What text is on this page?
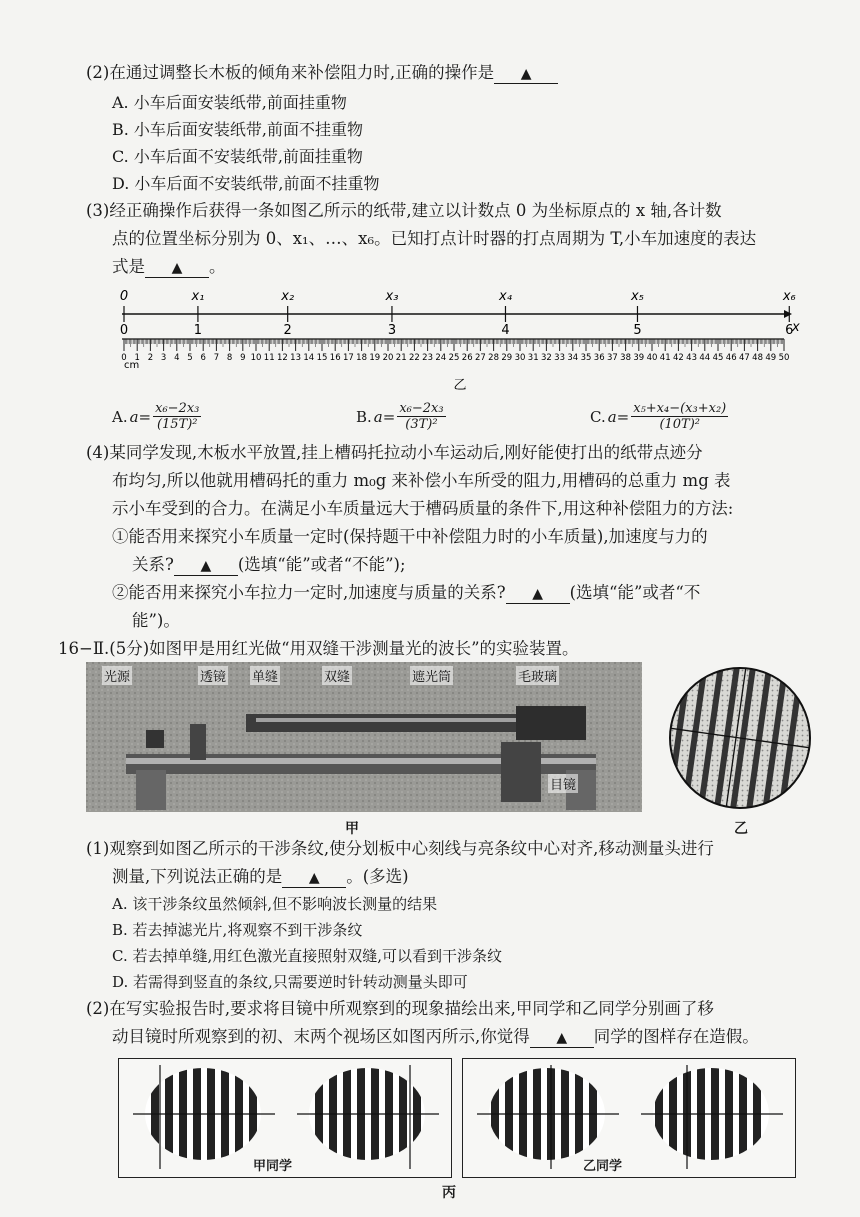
(2)在通过调整长木板的倾角来补偿阻力时,正确的操作是 ▲
A. 小车后面安装纸带,前面挂重物
B. 小车后面安装纸带,前面不挂重物
C. 小车后面不安装纸带,前面挂重物
D. 小车后面不安装纸带,前面不挂重物
(3)经正确操作后获得一条如图乙所示的纸带,建立以计数点 0 为坐标原点的 x 轴,各计数
点的位置坐标分别为 0、x₁、…、x₆。已知打点计时器的打点周期为 T,小车加速度的表达
式是 ▲ 。
0	x₁	x₂	x₃	x₄	x₅	x₆
0	1	2	3	4	5	6
x
0 1 2 3 4 5 6 7 8 9 10 11 12 13 14 15 16 17 18 19 20 21 22 23 24 25 26 27 28 29 30 31 32 33 34 35 36 37 38 39 40 41 42 43 44 45 46 47 48 49 50
cm
乙
A. $a= \frac{\text{x₆−2x₃}}{\text{(15T)²}}$	B. $a= \frac{\text{x₆−2x₃}}{\text{(3T)²}}$	C. $a= \frac{\text{x₅+x₄−(x₃+x₂)}}{\text{(10T)²}}$
(4)某同学发现,木板水平放置,挂上槽码托拉动小车运动后,刚好能使打出的纸带点迹分
布均匀,所以他就用槽码托的重力 m₀g 来补偿小车所受的阻力,用槽码的总重力 mg 表
示小车受到的合力。在满足小车质量远大于槽码质量的条件下,用这种补偿阻力的方法:
①能否用来探究小车质量一定时(保持题干中补偿阻力时的小车质量),加速度与力的
关系? ▲ (选填“能”或者“不能”);
②能否用来探究小车拉力一定时,加速度与质量的关系? ▲ (选填“能”或者“不
能”)。
16−Ⅱ.(5分)如图甲是用红光做“用双缝干涉测量光的波长”的实验装置。
光源	透镜 单缝	双缝	遮光筒	毛玻璃
目镜
甲	乙
(1)观察到如图乙所示的干涉条纹,使分划板中心刻线与亮条纹中心对齐,移动测量头进行
测量,下列说法正确的是 ▲ 。(多选)
A. 该干涉条纹虽然倾斜,但不影响波长测量的结果
B. 若去掉滤光片,将观察不到干涉条纹
C. 若去掉单缝,用红色激光直接照射双缝,可以看到干涉条纹
D. 若需得到竖直的条纹,只需要逆时针转动测量头即可
(2)在写实验报告时,要求将目镜中所观察到的现象描绘出来,甲同学和乙同学分别画了移
动目镜时所观察到的初、末两个视场区如图丙所示,你觉得 ▲ 同学的图样存在造假。
甲同学	乙同学
丙
